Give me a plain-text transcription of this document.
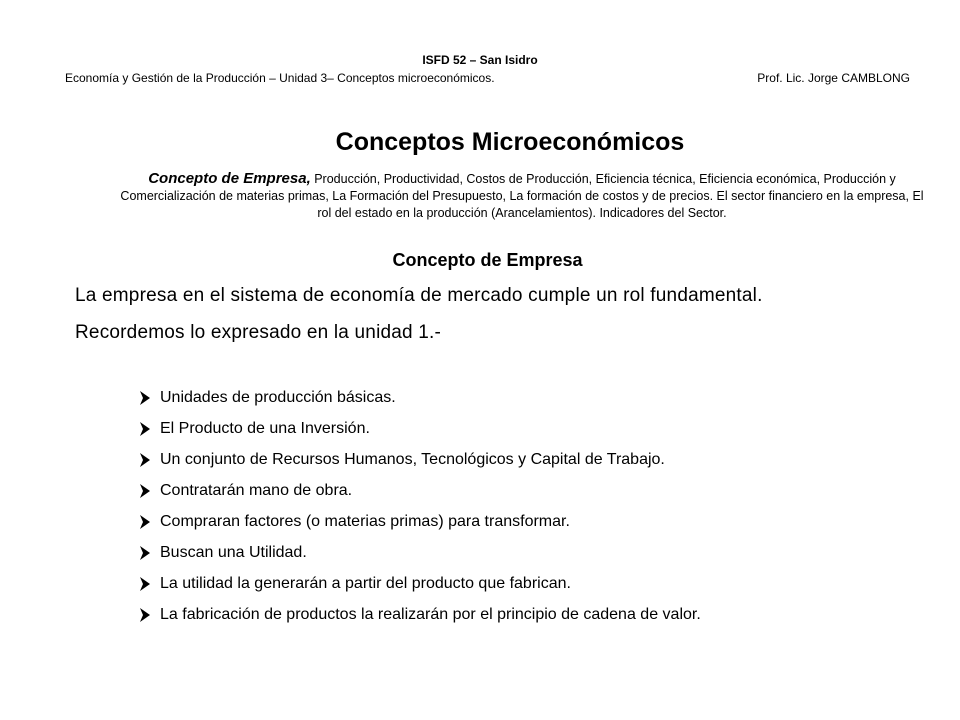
ISFD 52 – San Isidro
Economía y Gestión de la Producción – Unidad 3– Conceptos microeconómicos.	Prof. Lic. Jorge CAMBLONG
Conceptos Microeconómicos
Concepto de Empresa, Producción, Productividad, Costos de Producción, Eficiencia técnica, Eficiencia económica, Producción y Comercialización de materias primas, La Formación del Presupuesto, La formación de costos y de precios. El sector financiero en la empresa, El rol del estado en la producción (Arancelamientos). Indicadores del Sector.
Concepto de Empresa
La empresa en el sistema de economía de mercado cumple un rol fundamental.
Recordemos lo expresado en la unidad 1.-
Unidades de producción básicas.
El Producto de una Inversión.
Un conjunto de Recursos Humanos, Tecnológicos y Capital de Trabajo.
Contratarán mano de obra.
Compraran factores (o materias primas) para transformar.
Buscan una Utilidad.
La utilidad la generarán a partir del producto que fabrican.
La fabricación de productos la realizarán por el principio de cadena de valor.
